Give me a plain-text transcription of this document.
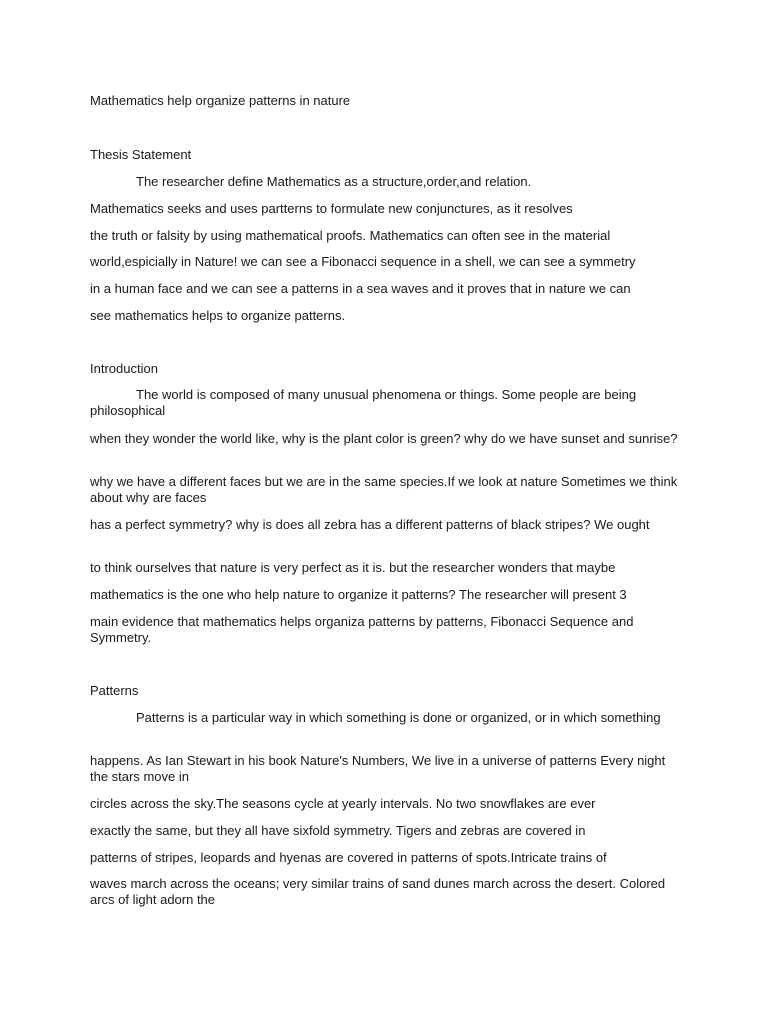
Mathematics help organize patterns in nature
Thesis Statement
The researcher define Mathematics as a structure,order,and relation.
Mathematics seeks and uses partterns to formulate new conjunctures, as it resolves
the truth or falsity by using mathematical proofs. Mathematics can often see in the material
world,espicially in Nature! we can see a Fibonacci sequence in a shell, we can see a symmetry
in a human face and we can see a patterns in a sea waves and it proves that in nature we can
see mathematics helps to organize patterns.
Introduction
The world is composed of many unusual phenomena or things. Some people are being philosophical
when they wonder the world like, why is the plant color is green? why do we have sunset and sunrise?
why we have a different faces but we are in the same species.If we look at nature Sometimes we think about why are faces
has a perfect symmetry? why is does all zebra has a different patterns of black stripes? We ought
to think ourselves that nature is very perfect as it is. but the researcher wonders that maybe
mathematics is the one who help nature to organize it patterns? The researcher will present 3
main evidence that mathematics helps organiza patterns by patterns, Fibonacci Sequence and Symmetry.
Patterns
Patterns is a particular way in which something is done or organized, or in which something
happens. As Ian Stewart in his book Nature's Numbers, We live in a universe of patterns Every night the stars move in
circles across the sky.The seasons cycle at yearly intervals. No two snowflakes are ever
exactly the same, but they all have sixfold symmetry. Tigers and zebras are covered in
patterns of stripes, leopards and hyenas are covered in patterns of spots.Intricate trains of
waves march across the oceans; very similar trains of sand dunes march across the desert. Colored arcs of light adorn the
